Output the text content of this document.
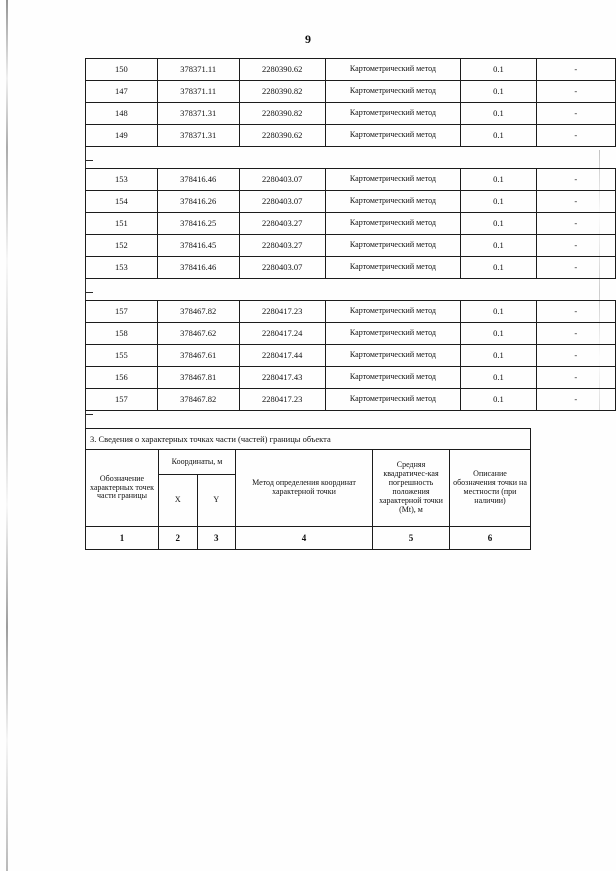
9
150	378371.11	2280390.62	Картометрический метод	0.1	-
147	378371.11	2280390.82	Картометрический метод	0.1	-
148	378371.31	2280390.82	Картометрический метод	0.1	-
149	378371.31	2280390.62	Картометрический метод	0.1	-
153	378416.46	2280403.07	Картометрический метод	0.1	-
154	378416.26	2280403.07	Картометрический метод	0.1	-
151	378416.25	2280403.27	Картометрический метод	0.1	-
152	378416.45	2280403.27	Картометрический метод	0.1	-
153	378416.46	2280403.07	Картометрический метод	0.1	-
157	378467.82	2280417.23	Картометрический метод	0.1	-
158	378467.62	2280417.24	Картометрический метод	0.1	-
155	378467.61	2280417.44	Картометрический метод	0.1	-
156	378467.81	2280417.43	Картометрический метод	0.1	-
157	378467.82	2280417.23	Картометрический метод	0.1	-
3. Сведения о характерных точках части (частей) границы объекта
Обозначение характерных точек части границы	Координаты, м		Метод определения координат характерной точки	Средняя квадратичес-кая погрешность положения характерной точки (Мt), м	Описание обозначения точки на местности (при наличии)
	X	Y			
1	2	3	4	5	6
